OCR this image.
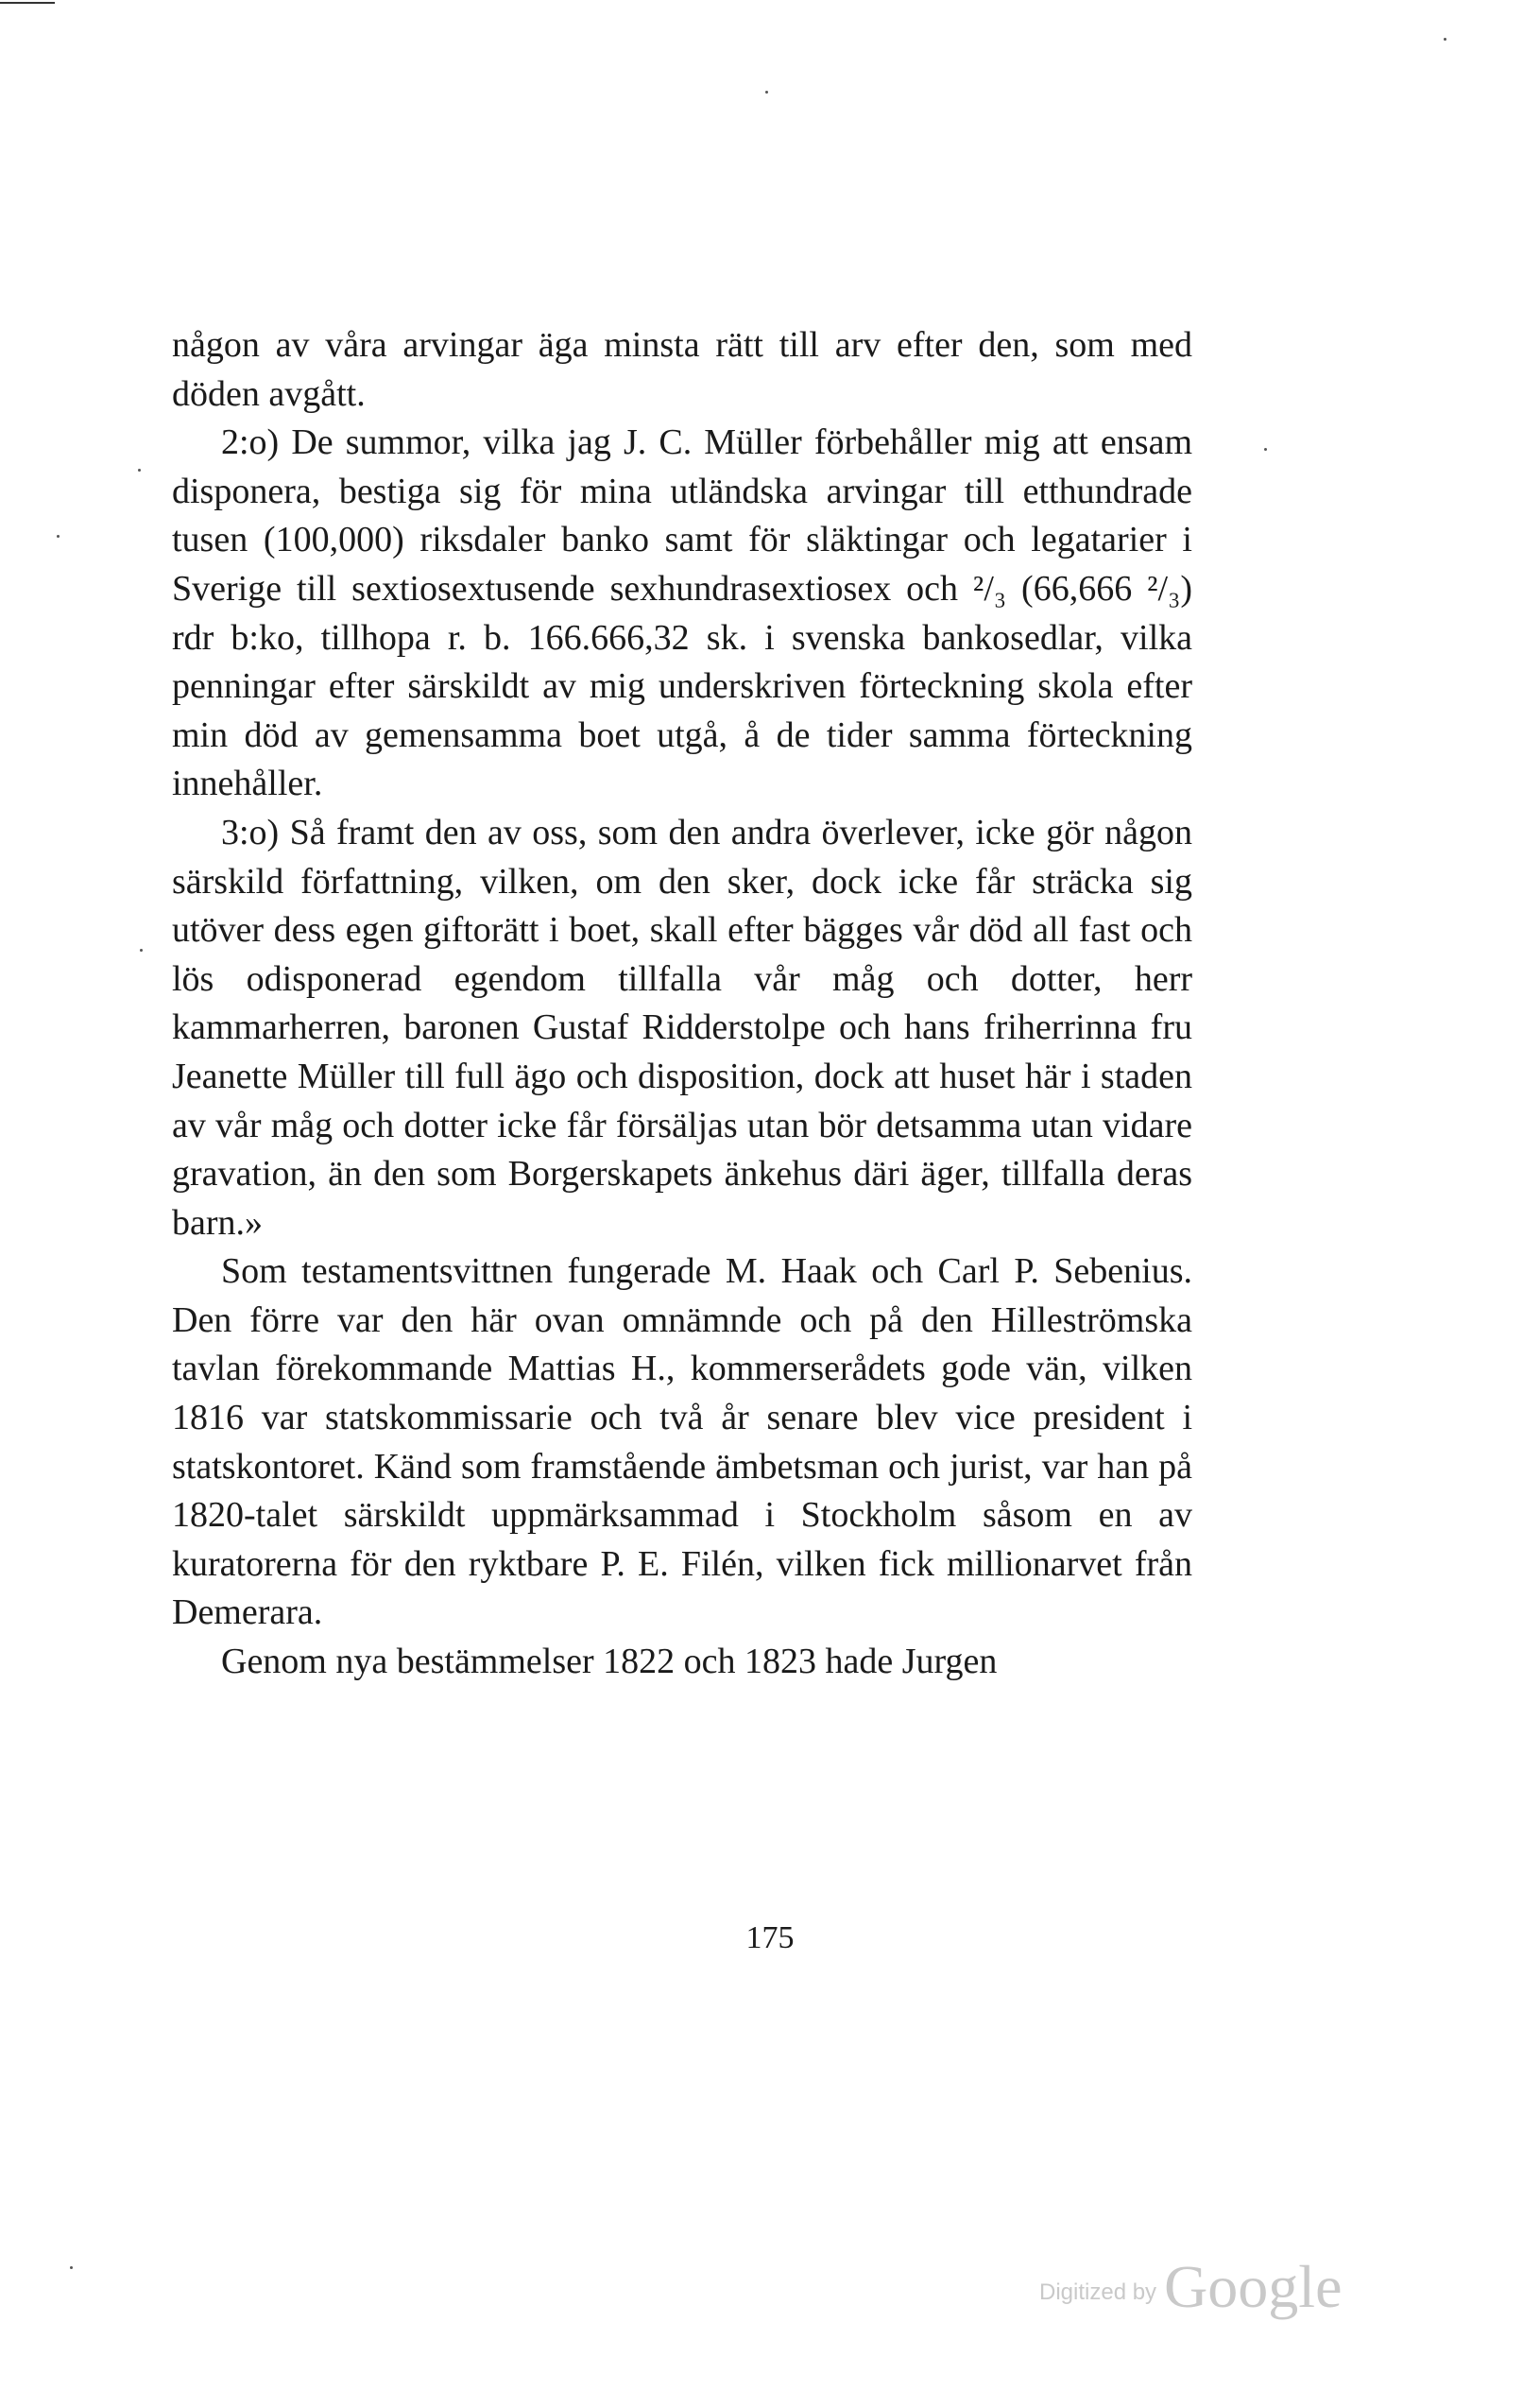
någon av våra arvingar äga minsta rätt till arv efter den, som med döden avgått.

2:o) De summor, vilka jag J. C. Müller förbehåller mig att ensam disponera, bestiga sig för mina utländska arvingar till etthundrade tusen (100,000) riksdaler banko samt för släktingar och legatarier i Sverige till sextiosextusende sexhundrasextiosex och ²/₃ (66,666 ²/₃) rdr b:ko, tillhopa r. b. 166.666,32 sk. i svenska bankosedlar, vilka penningar efter särskildt av mig underskriven förteckning skola efter min död av gemensamma boet utgå, å de tider samma förteckning innehåller.

3:o) Så framt den av oss, som den andra överlever, icke gör någon särskild författning, vilken, om den sker, dock icke får sträcka sig utöver dess egen giftorätt i boet, skall efter bägges vår död all fast och lös odisponerad egendom tillfalla vår måg och dotter, herr kammarherren, baronen Gustaf Ridderstolpe och hans friherrinna fru Jeanette Müller till full ägo och disposition, dock att huset här i staden av vår måg och dotter icke får försäljas utan bör detsamma utan vidare gravation, än den som Borgerskapets änkehus däri äger, tillfalla deras barn.»

Som testamentsvittnen fungerade M. Haak och Carl P. Sebenius. Den förre var den här ovan omnämnde och på den Hilleströmska tavlan förekommande Mattias H., kommerserådets gode vän, vilken 1816 var statskommissarie och två år senare blev vice president i statskontoret. Känd som framstående ämbetsman och jurist, var han på 1820-talet särskildt uppmärksammad i Stockholm såsom en av kuratorerna för den ryktbare P. E. Filén, vilken fick millionarvet från Demerara.

Genom nya bestämmelser 1822 och 1823 hade Jurgen

175
Digitized by Google
